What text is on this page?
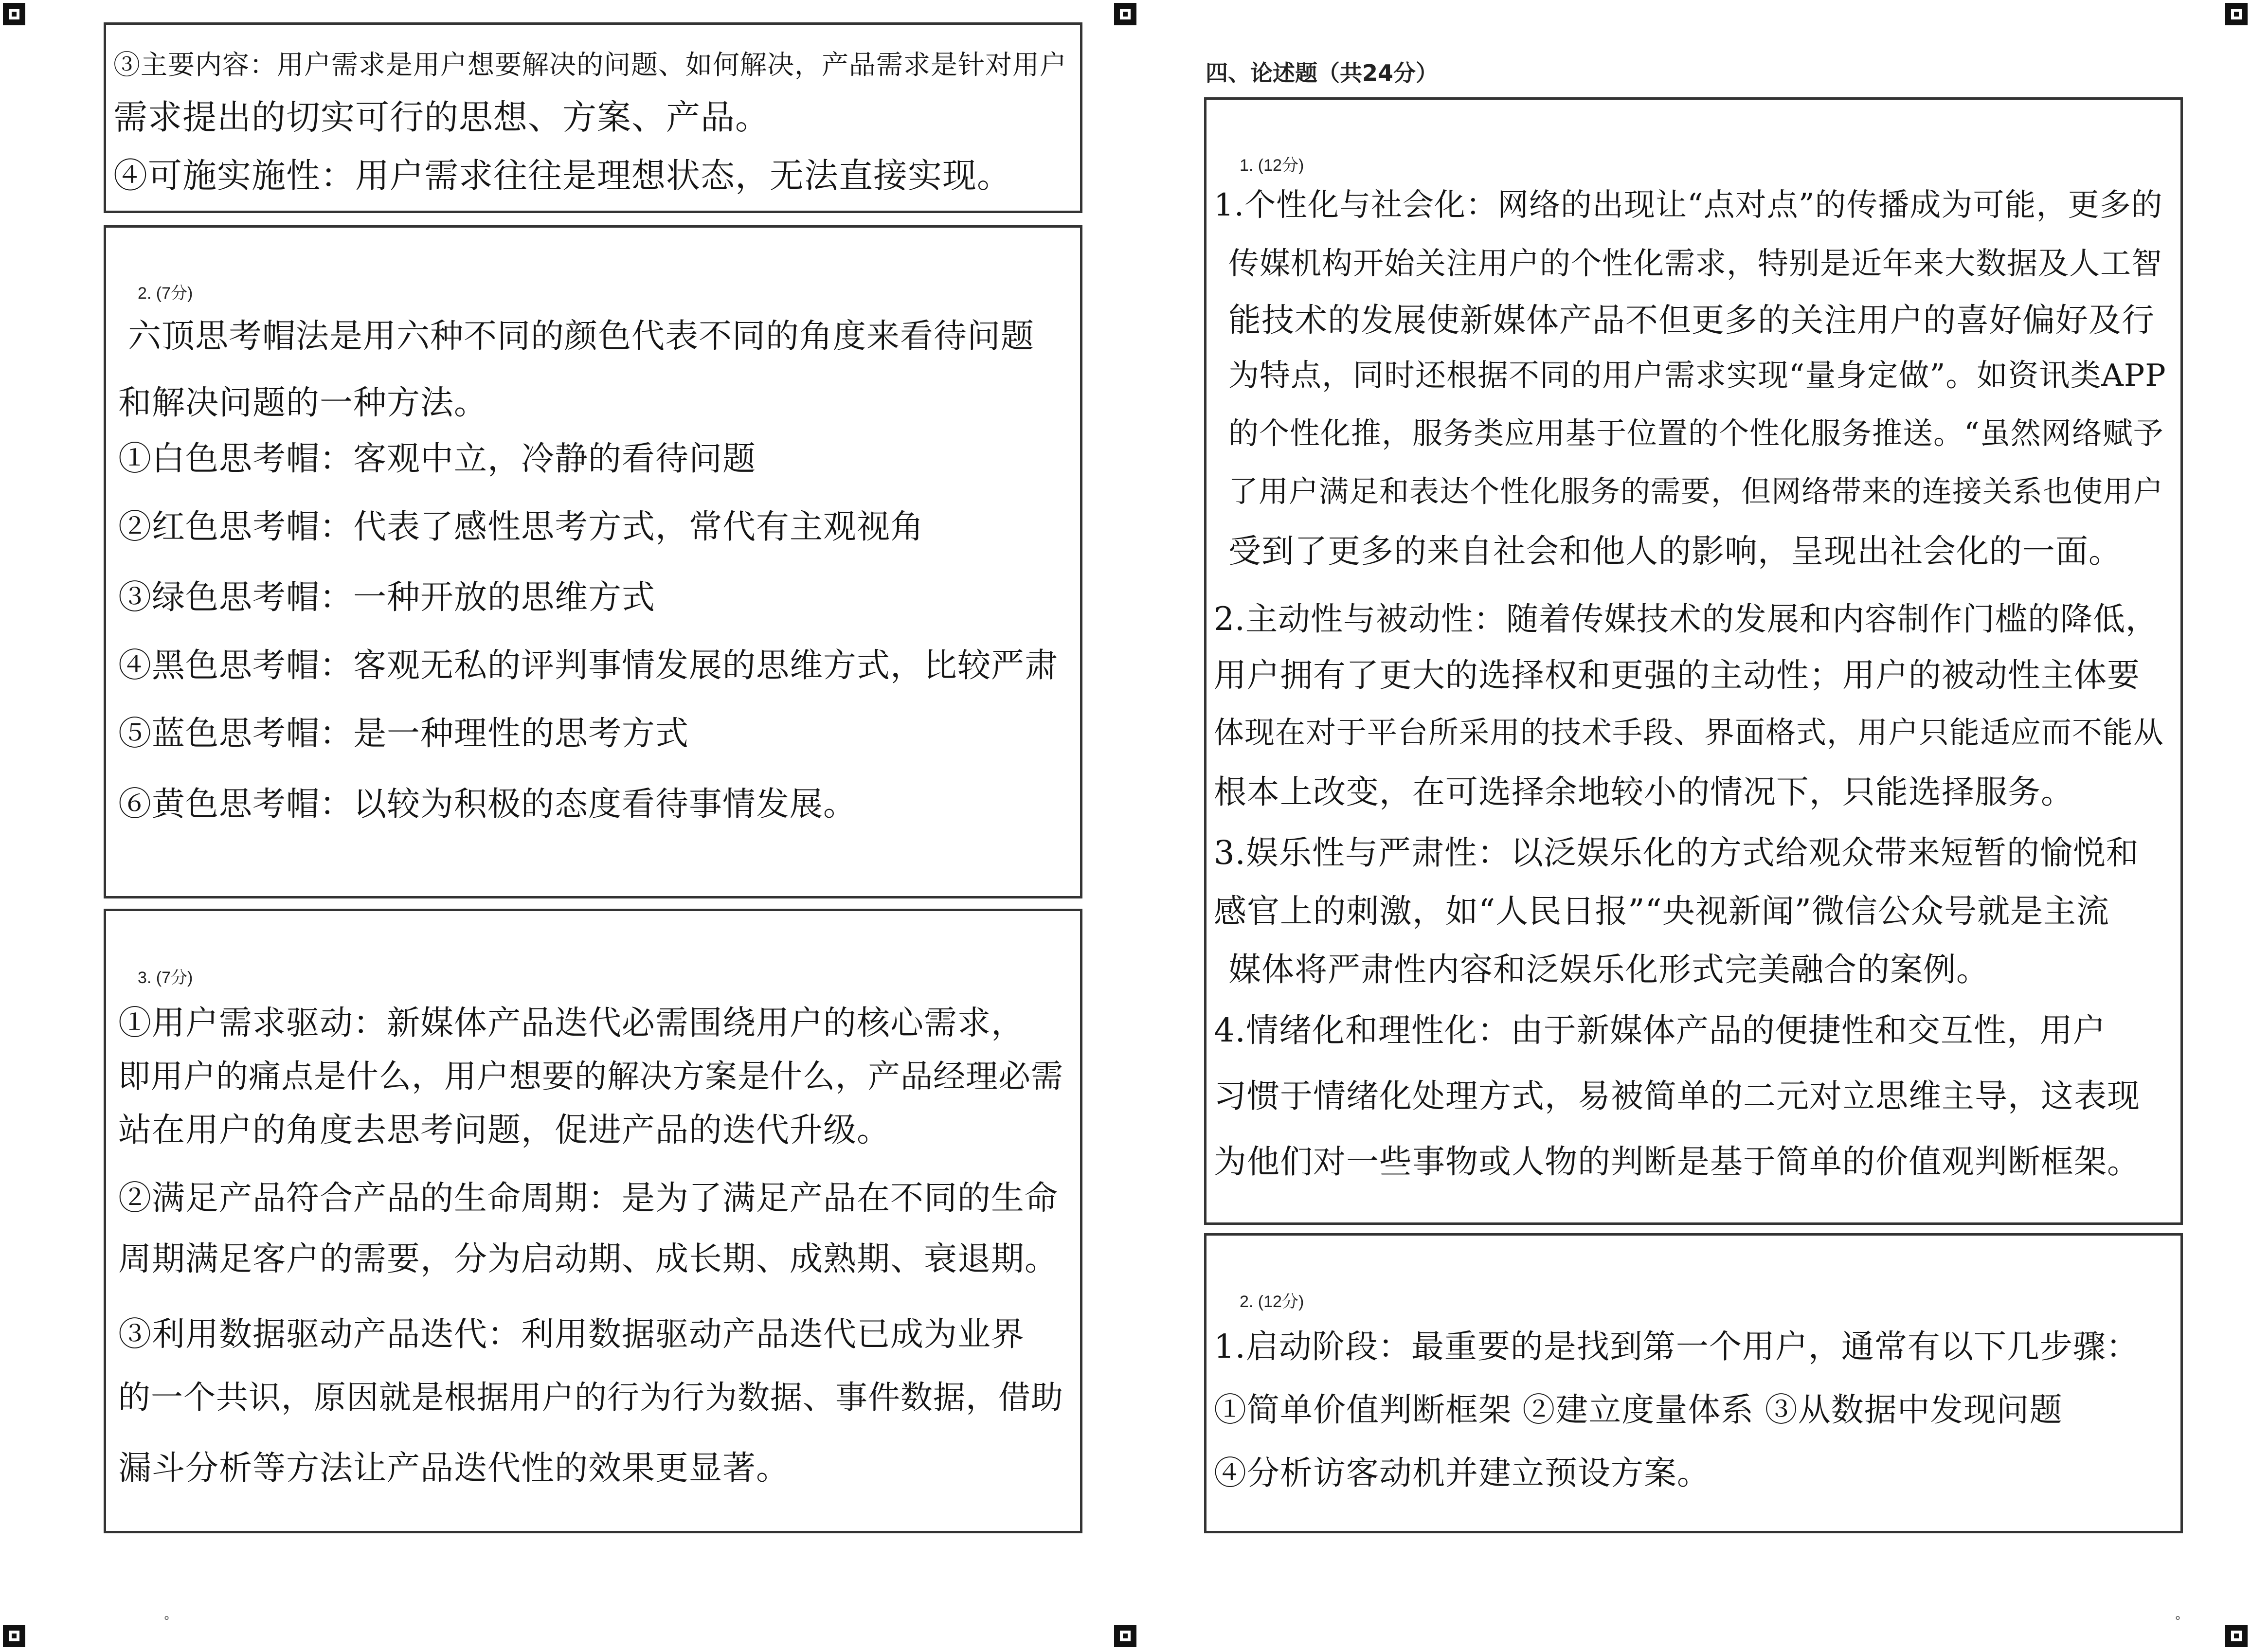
°	°
③主要内容：用户需求是用户想要解决的问题、如何解决，产品需求是针对用户
需求提出的切实可行的思想、方案、产品。
④可施实施性：用户需求往往是理想状态，无法直接实现。
2. (7分)
六顶思考帽法是用六种不同的颜色代表不同的角度来看待问题
和解决问题的一种方法。
①白色思考帽：客观中立，冷静的看待问题
②红色思考帽：代表了感性思考方式，常代有主观视角
③绿色思考帽：一种开放的思维方式
④黑色思考帽：客观无私的评判事情发展的思维方式，比较严肃
⑤蓝色思考帽：是一种理性的思考方式
⑥黄色思考帽：以较为积极的态度看待事情发展。
3. (7分)
①用户需求驱动：新媒体产品迭代必需围绕用户的核心需求，
即用户的痛点是什么，用户想要的解决方案是什么，产品经理必需
站在用户的角度去思考问题，促进产品的迭代升级。
②满足产品符合产品的生命周期：是为了满足产品在不同的生命
周期满足客户的需要，分为启动期、成长期、成熟期、衰退期。
③利用数据驱动产品迭代：利用数据驱动产品迭代已成为业界
的一个共识，原因就是根据用户的行为行为数据、事件数据，借助
漏斗分析等方法让产品迭代性的效果更显著。
四、论述题（共24分）
1. (12分)
1.个性化与社会化：网络的出现让“点对点”的传播成为可能，更多的
传媒机构开始关注用户的个性化需求，特别是近年来大数据及人工智
能技术的发展使新媒体产品不但更多的关注用户的喜好偏好及行
为特点，同时还根据不同的用户需求实现“量身定做”。如资讯类APP
的个性化推，服务类应用基于位置的个性化服务推送。“虽然网络赋予
了用户满足和表达个性化服务的需要，但网络带来的连接关系也使用户
受到了更多的来自社会和他人的影响，呈现出社会化的一面。
2.主动性与被动性：随着传媒技术的发展和内容制作门槛的降低，
用户拥有了更大的选择权和更强的主动性；用户的被动性主体要
体现在对于平台所采用的技术手段、界面格式，用户只能适应而不能从
根本上改变，在可选择余地较小的情况下，只能选择服务。
3.娱乐性与严肃性：以泛娱乐化的方式给观众带来短暂的愉悦和
感官上的刺激，如“人民日报”“央视新闻”微信公众号就是主流
媒体将严肃性内容和泛娱乐化形式完美融合的案例。
4.情绪化和理性化：由于新媒体产品的便捷性和交互性，用户
习惯于情绪化处理方式，易被简单的二元对立思维主导，这表现
为他们对一些事物或人物的判断是基于简单的价值观判断框架。
2. (12分)
1.启动阶段：最重要的是找到第一个用户，通常有以下几步骤：
①简单价值判断框架 ②建立度量体系 ③从数据中发现问题
④分析访客动机并建立预设方案。
